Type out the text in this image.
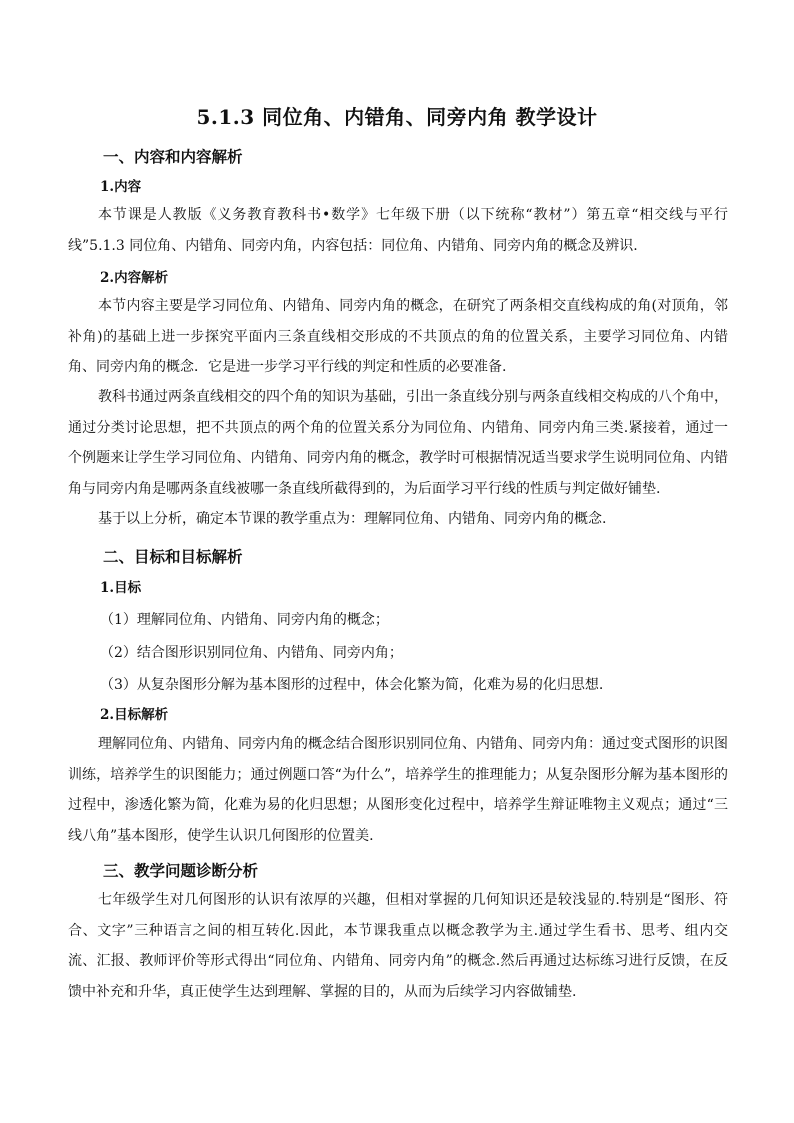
5.1.3 同位角、内错角、同旁内角 教学设计
一、内容和内容解析
1.内容
本节课是人教版《义务教育教科书•数学》七年级下册（以下统称“教材”）第五章“相交线与平行线”5.1.3 同位角、内错角、同旁内角，内容包括：同位角、内错角、同旁内角的概念及辨识.
2.内容解析
本节内容主要是学习同位角、内错角、同旁内角的概念，在研究了两条相交直线构成的角(对顶角，邻补角)的基础上进一步探究平面内三条直线相交形成的不共顶点的角的位置关系，主要学习同位角、内错角、同旁内角的概念．它是进一步学习平行线的判定和性质的必要准备.
教科书通过两条直线相交的四个角的知识为基础，引出一条直线分别与两条直线相交构成的八个角中，通过分类讨论思想，把不共顶点的两个角的位置关系分为同位角、内错角、同旁内角三类.紧接着，通过一个例题来让学生学习同位角、内错角、同旁内角的概念，教学时可根据情况适当要求学生说明同位角、内错角与同旁内角是哪两条直线被哪一条直线所截得到的，为后面学习平行线的性质与判定做好铺垫.
基于以上分析，确定本节课的教学重点为：理解同位角、内错角、同旁内角的概念.
二、目标和目标解析
1.目标
（1）理解同位角、内错角、同旁内角的概念；
（2）结合图形识别同位角、内错角、同旁内角；
（3）从复杂图形分解为基本图形的过程中，体会化繁为简，化难为易的化归思想.
2.目标解析
理解同位角、内错角、同旁内角的概念结合图形识别同位角、内错角、同旁内角：通过变式图形的识图训练，培养学生的识图能力；通过例题口答“为什么”，培养学生的推理能力；从复杂图形分解为基本图形的过程中，渗透化繁为简，化难为易的化归思想；从图形变化过程中，培养学生辩证唯物主义观点；通过“三线八角”基本图形，使学生认识几何图形的位置美.
三、教学问题诊断分析
七年级学生对几何图形的认识有浓厚的兴趣，但相对掌握的几何知识还是较浅显的.特别是“图形、符合、文字”三种语言之间的相互转化.因此，本节课我重点以概念教学为主.通过学生看书、思考、组内交流、汇报、教师评价等形式得出“同位角、内错角、同旁内角”的概念.然后再通过达标练习进行反馈，在反馈中补充和升华，真正使学生达到理解、掌握的目的，从而为后续学习内容做铺垫.
